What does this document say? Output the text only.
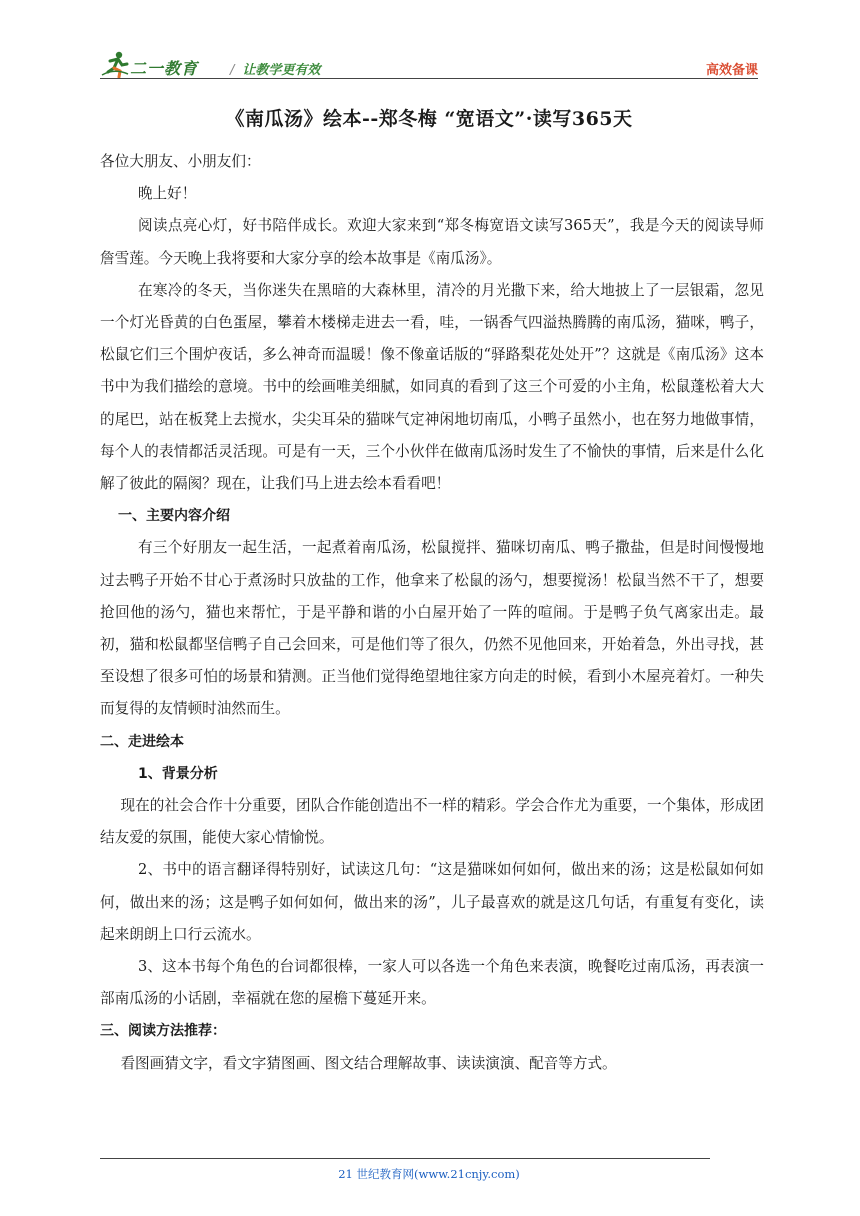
二一教育 / 让教学更有效	高效备课
《南瓜汤》绘本--郑冬梅 “宽语文”·读写365天

各位大朋友、小朋友们：

晚上好！

阅读点亮心灯，好书陪伴成长。欢迎大家来到“郑冬梅宽语文读写365天”，我是今天的阅读导师詹雪莲。今天晚上我将要和大家分享的绘本故事是《南瓜汤》。

在寒冷的冬天，当你迷失在黑暗的大森林里，清冷的月光撒下来，给大地披上了一层银霜，忽见一个灯光昏黄的白色蛋屋，攀着木楼梯走进去一看，哇，一锅香气四溢热腾腾的南瓜汤，猫咪，鸭子，松鼠它们三个围炉夜话，多么神奇而温暖！像不像童话版的“驿路梨花处处开”？这就是《南瓜汤》这本书中为我们描绘的意境。书中的绘画唯美细腻，如同真的看到了这三个可爱的小主角，松鼠蓬松着大大的尾巴，站在板凳上去搅水，尖尖耳朵的猫咪气定神闲地切南瓜，小鸭子虽然小，也在努力地做事情，每个人的表情都活灵活现。可是有一天，三个小伙伴在做南瓜汤时发生了不愉快的事情，后来是什么化解了彼此的隔阂？现在，让我们马上进去绘本看看吧！

一、主要内容介绍

有三个好朋友一起生活，一起煮着南瓜汤，松鼠搅拌、猫咪切南瓜、鸭子撒盐，但是时间慢慢地过去鸭子开始不甘心于煮汤时只放盐的工作，他拿来了松鼠的汤勺，想要搅汤！松鼠当然不干了，想要抢回他的汤勺，猫也来帮忙，于是平静和谐的小白屋开始了一阵的喧闹。于是鸭子负气离家出走。最初，猫和松鼠都坚信鸭子自己会回来，可是他们等了很久，仍然不见他回来，开始着急，外出寻找，甚至设想了很多可怕的场景和猜测。正当他们觉得绝望地往家方向走的时候，看到小木屋亮着灯。一种失而复得的友情顿时油然而生。

二、走进绘本

1、背景分析

现在的社会合作十分重要，团队合作能创造出不一样的精彩。学会合作尤为重要，一个集体，形成团结友爱的氛围，能使大家心情愉悦。

2、书中的语言翻译得特别好，试读这几句：“这是猫咪如何如何，做出来的汤；这是松鼠如何如何，做出来的汤；这是鸭子如何如何，做出来的汤”，儿子最喜欢的就是这几句话，有重复有变化，读起来朗朗上口行云流水。

3、这本书每个角色的台词都很棒，一家人可以各选一个角色来表演，晚餐吃过南瓜汤，再表演一部南瓜汤的小话剧，幸福就在您的屋檐下蔓延开来。

三、阅读方法推荐：

看图画猜文字，看文字猜图画、图文结合理解故事、读读演演、配音等方式。

21 世纪教育网(www.21cnjy.com)
